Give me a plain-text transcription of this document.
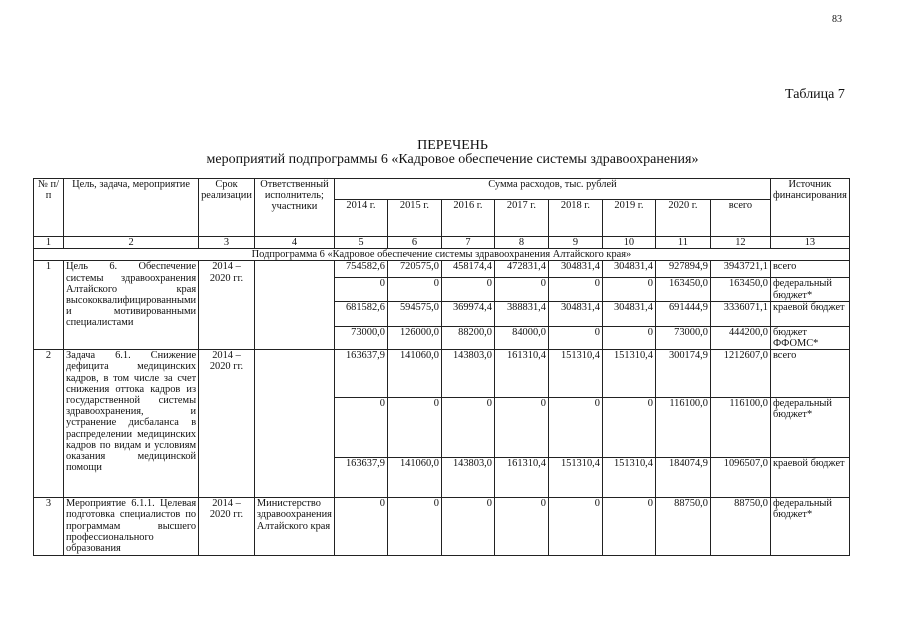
83
Таблица 7
ПЕРЕЧЕНЬ
мероприятий подпрограммы 6 «Кадровое обеспечение системы здравоохранения»
№ п/п	Цель, задача, мероприятие	Срок реализации	Ответственный исполнитель; участники	Сумма расходов, тыс. рублей								Источник финансирования
				2014 г.	2015 г.	2016 г.	2017 г.	2018 г.	2019 г.	2020 г.	всего	
1	2	3	4	5	6	7	8	9	10	11	12	13
Подпрограмма 6 «Кадровое обеспечение системы здравоохранения Алтайского края»												
1	Цель 6. Обеспечение системы здравоохранения Алтайского края высококвалифицированными и мотивированными специалистами	2014 – 2020 гг.		754582,6	720575,0	458174,4	472831,4	304831,4	304831,4	927894,9	3943721,1	всего
				0	0	0	0	0	0	163450,0	163450,0	федеральный бюджет*
				681582,6	594575,0	369974,4	388831,4	304831,4	304831,4	691444,9	3336071,1	краевой бюджет
				73000,0	126000,0	88200,0	84000,0	0	0	73000,0	444200,0	бюджет ФФОМС*
2	Задача 6.1. Снижение дефицита медицинских кадров, в том числе за счет снижения оттока кадров из государственной системы здравоохранения, и устранение дисбаланса в распределении медицинских кадров по видам и условиям оказания медицинской помощи	2014 – 2020 гг.		163637,9	141060,0	143803,0	161310,4	151310,4	151310,4	300174,9	1212607,0	всего
				0	0	0	0	0	0	116100,0	116100,0	федеральный бюджет*
				163637,9	141060,0	143803,0	161310,4	151310,4	151310,4	184074,9	1096507,0	краевой бюджет
3	Мероприятие 6.1.1. Целевая подготовка специалистов по программам высшего профессионального образования	2014 – 2020 гг.	Министерство здравоохранения Алтайского края	0	0	0	0	0	0	88750,0	88750,0	федеральный бюджет*
